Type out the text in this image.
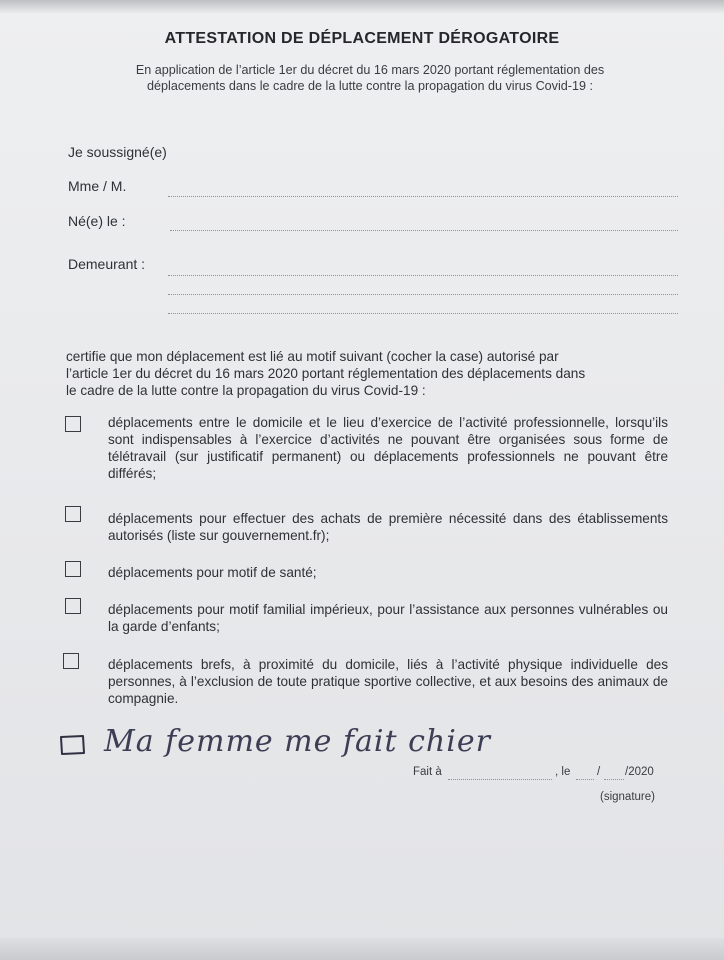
ATTESTATION DE DÉPLACEMENT DÉROGATOIRE
En application de l’article 1er du décret du 16 mars 2020 portant réglementation des
déplacements dans le cadre de la lutte contre la propagation du virus Covid-19 :
Je soussigné(e)
Mme / M.
Né(e) le :
Demeurant :
certifie que mon déplacement est lié au motif suivant (cocher la case) autorisé par
l’article 1er du décret du 16 mars 2020 portant réglementation des déplacements dans
le cadre de la lutte contre la propagation du virus Covid-19 :
déplacements entre le domicile et le lieu d’exercice de l’activité professionnelle, lorsqu’ils sont indispensables à l’exercice d’activités ne pouvant être organisées sous forme de télétravail (sur justificatif permanent) ou déplacements professionnels ne pouvant être différés;
déplacements pour effectuer des achats de première nécessité dans des établissements autorisés (liste sur gouvernement.fr);
déplacements pour motif de santé;
déplacements pour motif familial impérieux, pour l’assistance aux personnes vulnérables ou la garde d’enfants;
déplacements brefs, à proximité du domicile, liés à l’activité physique individuelle des personnes, à l’exclusion de toute pratique sportive collective, et aux besoins des animaux de compagnie.
Ma femme me fait chier
Fait à	, le / /2020
(signature)
